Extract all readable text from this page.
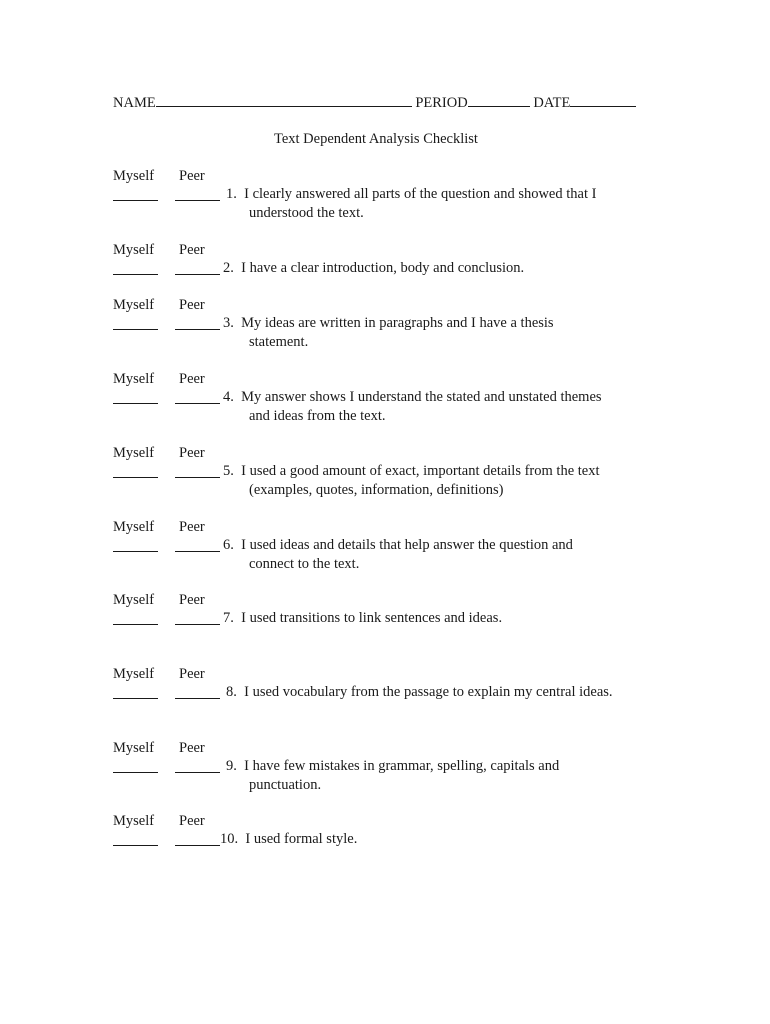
NAME	PERIOD	DATE
Text Dependent Analysis Checklist
Myself Peer
1. I clearly answered all parts of the question and showed that I
understood the text.
Myself Peer
2. I have a clear introduction, body and conclusion.
Myself Peer
3. My ideas are written in paragraphs and I have a thesis
statement.
Myself Peer
4. My answer shows I understand the stated and unstated themes
and ideas from the text.
Myself Peer
5. I used a good amount of exact, important details from the text
(examples, quotes, information, definitions)
Myself Peer
6. I used ideas and details that help answer the question and
connect to the text.
Myself Peer
7. I used transitions to link sentences and ideas.
Myself Peer
8. I used vocabulary from the passage to explain my central ideas.
Myself Peer
9. I have few mistakes in grammar, spelling, capitals and
punctuation.
Myself Peer
10. I used formal style.
